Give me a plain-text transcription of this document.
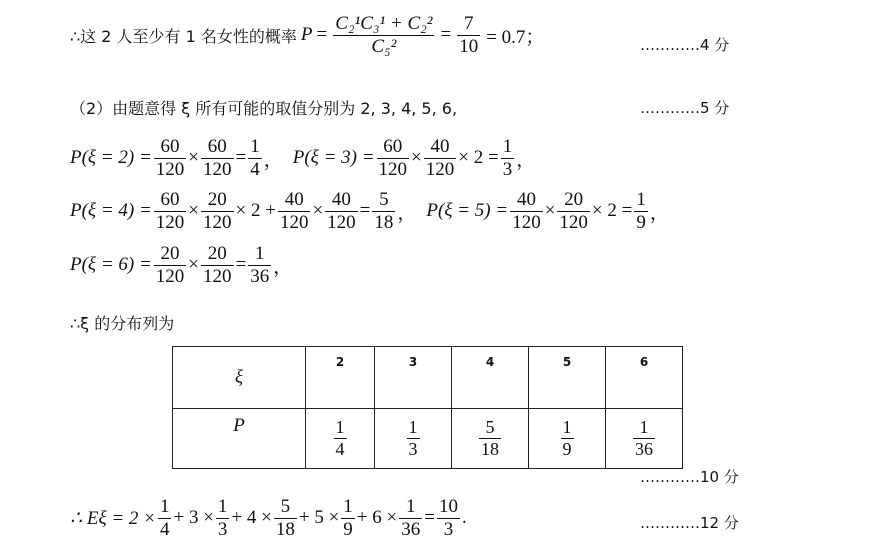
∴这 2 人至少有 1 名女性的概率 $P = \frac{\text{C₂¹C₃¹ + C₂²}}{\text{C₅²}} = \frac{7}{10} = 0.7$；	…………4 分
（2）由题意得 ξ 所有可能的取值分别为 2, 3, 4, 5, 6,	…………5 分
$P(\xi = 2) = \frac{60}{120} \times \frac{60}{120} = \frac{1}{4}$ ， $P(\xi = 3) = \frac{60}{120} \times \frac{40}{120} \times 2 = \frac{1}{3}$ ，
$P(\xi = 4) = \frac{60}{120} \times \frac{20}{120} \times 2 + \frac{40}{120} \times \frac{40}{120} = \frac{5}{18}$ ， $P(\xi = 5) = \frac{40}{120} \times \frac{20}{120} \times 2 = \frac{1}{9}$ ，
$P(\xi = 6) = \frac{20}{120} \times \frac{20}{120} = \frac{1}{36}$ ，
∴ξ 的分布列为
ξ	2	3	4	5	6
P	$\frac{1}{4}$	$\frac{1}{3}$	$\frac{5}{18}$	$\frac{1}{9}$	$\frac{1}{36}$
…………10 分
∴ $E\xi = 2 \times \frac{1}{4} + 3 \times \frac{1}{3} + 4 \times \frac{5}{18} + 5 \times \frac{1}{9} + 6 \times \frac{1}{36} = \frac{10}{3}$ .	…………12 分
